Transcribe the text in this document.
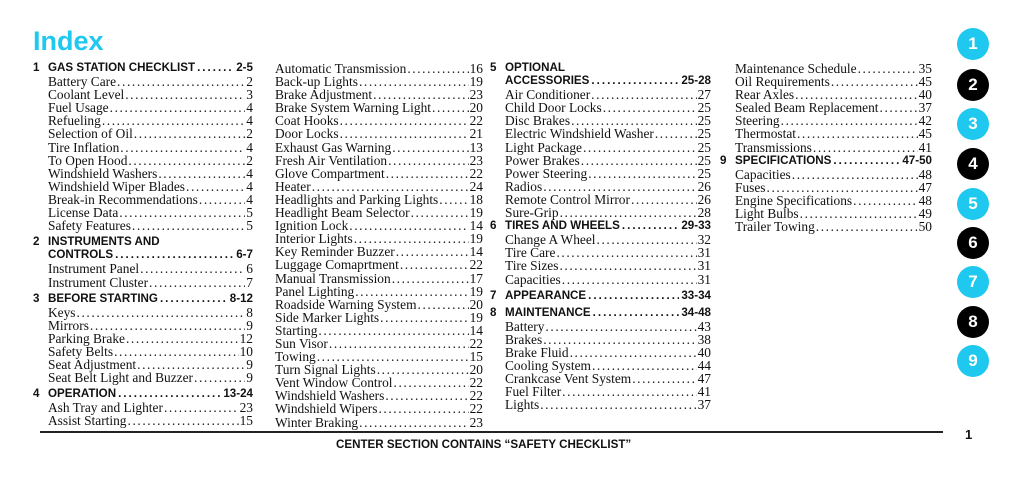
Index
1 GAS STATION CHECKLIST .....	2-5
Battery Care .....	2
Coolant Level .....	3
Fuel Usage .....	4
Refueling .....	4
Selection of Oil .....	2
Tire Inflation .....	4
To Open Hood .....	2
Windshield Washers .....	4
Windshield Wiper Blades .....	4
Break-in Recommendations .....	4
License Data .....	5
Safety Features .....	5
2 INSTRUMENTS AND
CONTROLS .....	6-7
Instrument Panel .....	6
Instrument Cluster .....	7
3 BEFORE STARTING .....	8-12
Keys .....	8
Mirrors .....	9
Parking Brake .....	12
Safety Belts .....	10
Seat Adjustment .....	9
Seat Belt Light and Buzzer .....	9
4 OPERATION .....	13-24
Ash Tray and Lighter .....	23
Assist Starting .....	15
Automatic Transmission .....	16
Back-up Lights .....	19
Brake Adjustment .....	23
Brake System Warning Light .....	20
Coat Hooks .....	22
Door Locks .....	21
Exhaust Gas Warning .....	13
Fresh Air Ventilation .....	23
Glove Compartment .....	22
Heater .....	24
Headlights and Parking Lights ..... 18
Headlight Beam Selector .....	19
Ignition Lock .....	14
Interior Lights .....	19
Key Reminder Buzzer .....	14
Luggage Comaprtment .....	22
Manual Transmission .....	17
Panel Lighting .....	19
Roadside Warning System .....	20
Side Marker Lights .....	19
Starting .....	14
Sun Visor .....	22
Towing .....	15
Turn Signal Lights .....	20
Vent Window Control .....	22
Windshield Washers .....	22
Windshield Wipers .....	22
Winter Braking .....	23
5 OPTIONAL
ACCESSORIES .....	25-28
Air Conditioner .....	27
Child Door Locks .....	25
Disc Brakes .....	25
Electric Windshield Washer .....	25
Light Package .....	25
Power Brakes .....	25
Power Steering .....	25
Radios .....	26
Remote Control Mirror .....	26
Sure-Grip .....	28
6 TIRES AND WHEELS .....	29-33
Change A Wheel .....	32
Tire Care .....	31
Tire Sizes .....	31
Capacities .....	31
7 APPEARANCE .....	33-34
8 MAINTENANCE .....	34-48
Battery .....	43
Brakes .....	38
Brake Fluid .....	40
Cooling System .....	44
Crankcase Vent System .....	47
Fuel Filter .....	41
Lights .....	37
Maintenance Schedule .....	35
Oil Requirements .....	45
Rear Axles .....	40
Sealed Beam Replacement .....	37
Steering .....	42
Thermostat .....	45
Transmissions .....	41
9 SPECIFICATIONS .....	47-50
Capacities .....	48
Fuses .....	47
Engine Specifications .....	48
Light Bulbs .....	49
Trailer Towing .....	50
1
2
3
4
5
6
7
8
9
CENTER SECTION CONTAINS “SAFETY CHECKLIST”
1
